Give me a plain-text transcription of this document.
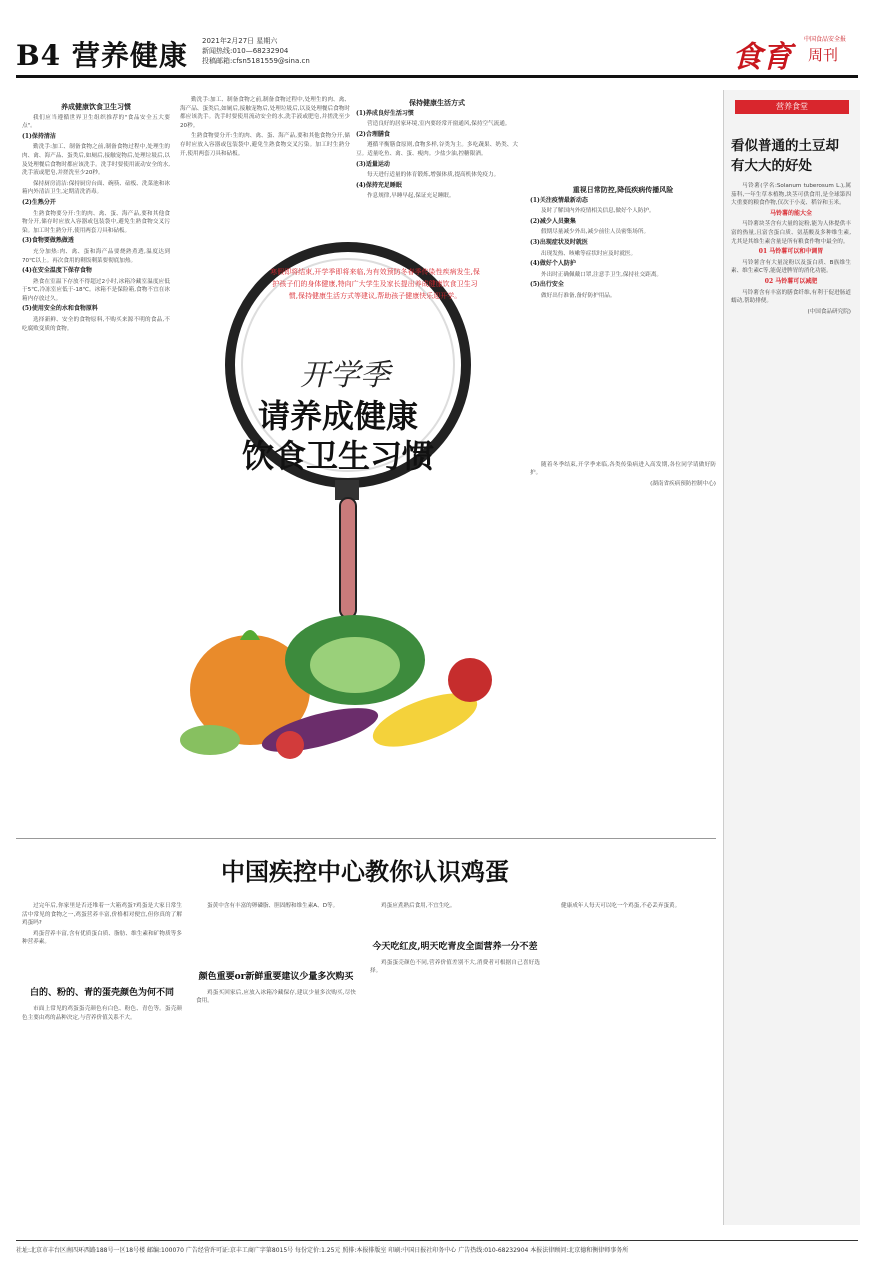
B4 营养健康 2021年2月27日 星期六
新闻热线:010—68232904
投稿邮箱:cfsn5181559@sina.cn	食育
中国食品安全报
周刊
养成健康饮食卫生习惯

我们应当遵循世界卫生组织推荐的"食品安全五大要点"。

(1)保持清洁

勤洗手:加工、制备食物之前,制备食物过程中,处理生的肉、禽、海产品、蛋类后,如厕后,接触宠物后,处理垃圾后,以及处理餐后食物时都应该洗手。洗手时要使用流动安全的水,洗手液或肥皂,并搓洗至少20秒。

保持厨房清洁:保持厨房台面、碗筷、砧板、洗菜池和冰箱内外清洁卫生,定期清洗消毒。

(2)生熟分开

生熟食物要分开:生的肉、禽、蛋、海产品,要和其他食物分开,储存时应放入容器或包装袋中,避免生熟食物交叉污染。加工时生熟分开,使用两套刀具和砧板。

(3)食物要做熟做透

充分加热:肉、禽、蛋和海产品要烧熟煮透,温度达到70℃以上。再次食用的剩饭剩菜要彻底加热。

(4)在安全温度下保存食物

熟食在室温下存放不得超过2小时,冰箱冷藏室温度应低于5℃,冷冻室应低于-18℃。冰箱不是保险箱,食物不宜在冰箱内存放过久。

(5)使用安全的水和食物原料

选择新鲜、安全的食物原料,不购买来源不明的食品,不吃腐败变质的食物。

勤洗手:加工、制备食物之前,制备食物过程中,处理生的肉、禽、海产品、蛋类后,如厕后,接触宠物后,处理垃圾后,以及处理餐后食物时都应该洗手。洗手时要使用流动安全的水,洗手液或肥皂,并搓洗至少20秒。

生熟食物要分开:生的肉、禽、蛋、海产品,要和其他食物分开,储存时应放入容器或包装袋中,避免生熟食物交叉污染。加工时生熟分开,使用两套刀具和砧板。

保持健康生活方式

(1)养成良好生活习惯

营造良好的居家环境,室内要经常开窗通风,保持空气流通。

(2)合理膳食

遵循平衡膳食原则,食物多样,谷类为主。多吃蔬果、奶类、大豆。适量吃鱼、禽、蛋、瘦肉。少盐少油,控糖限酒。

(3)适量运动

每天进行适量的体育锻炼,增强体质,提高机体免疫力。

(4)保持充足睡眠

作息规律,早睡早起,保证充足睡眠。

重视日常防控,降低疾病传播风险

(1)关注疫情最新动态

及时了解国内外疫情相关信息,做好个人防护。

(2)减少人员聚集

假期尽量减少外出,减少前往人员密集场所。

(3)出现症状及时就医

出现发热、咳嗽等症状时应及时就医。

(4)做好个人防护

外出时正确佩戴口罩,注意手卫生,保持社交距离。

(5)出行安全

做好出行准备,备好防护用品。

随着冬季结束,开学季来临,各类传染病进入高发期,各位同学请做好防护。

(湖南省疾病预防控制中心)

寒假即将结束,开学季即将来临,为有效预防冬春季传染性疾病发生,保护孩子们的身体健康,特向广大学生及家长提出养成健康饮食卫生习惯,保持健康生活方式等建议,帮助孩子健康快乐迎开学。
开学季
请养成健康
饮食卫生习惯
营养食堂
看似普通的土豆却有大大的好处

马铃薯(学名:Solanum tuberosum L.),属茄科,一年生草本植物,块茎可供食用,是全球第四大重要的粮食作物,仅次于小麦、稻谷和玉米。

马铃薯的能大全

马铃薯块茎含有大量的淀粉,能为人体提供丰富的热量,且富含蛋白质、氨基酸及多种维生素,尤其是其维生素含量是所有粮食作物中最全的。

01 马铃薯可以和中调胃

马铃薯含有大量淀粉以及蛋白质、B族维生素、维生素C等,能促进脾胃的消化功能。

02 马铃薯可以减肥

马铃薯含有丰富的膳食纤维,有利于促进肠道蠕动,帮助排便。

(中国食品研究院)

中国疾控中心教你认识鸡蛋

过完年后,你家里是否还堆着一大箱鸡蛋?鸡蛋是大家日常生活中常见的食物之一,鸡蛋营养丰富,价格相对便宜,但你真的了解鸡蛋吗?

鸡蛋营养丰富,含有优质蛋白质、脂肪、维生素和矿物质等多种营养素。

白的、粉的、青的蛋壳颜色为何不同

市面上常见的鸡蛋蛋壳颜色有白色、粉色、青色等。蛋壳颜色主要由鸡的品种决定,与营养价值关系不大。

蛋黄中含有丰富的卵磷脂、胆固醇和维生素A、D等。

颜色重要or新鲜重要建议少量多次购买

鸡蛋买回家后,应放入冰箱冷藏保存,建议少量多次购买,尽快食用。

鸡蛋应煮熟后食用,不宜生吃。

今天吃红皮,明天吃青皮全面营养一分不差

鸡蛋蛋壳颜色不同,营养价值差别不大,消费者可根据自己喜好选择。

健康成年人每天可以吃一个鸡蛋,不必丢弃蛋黄。

社址:北京市丰台区南四环西路188号一区18号楼 邮编:100070 广告经营许可证:京丰工商广字第8015号 每份定价:1.25元 照排:本报排版室 印刷:中国日报社印务中心 广告热线:010-68232904 本报法律顾问:北京德和衡律师事务所
